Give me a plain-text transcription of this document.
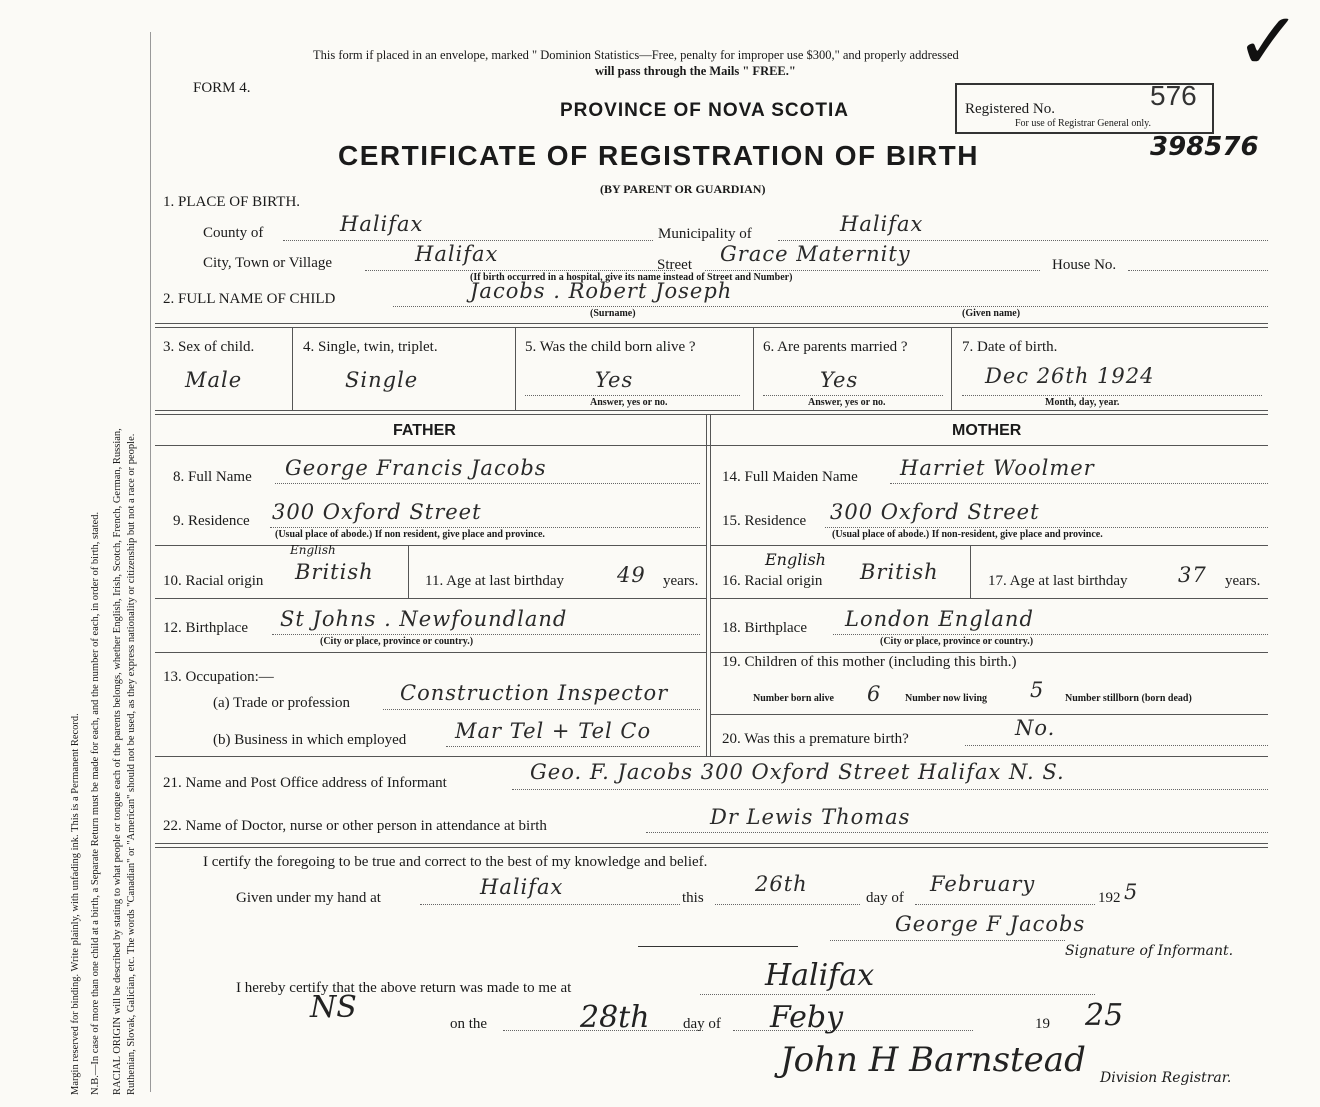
Margin reserved for binding. Write plainly, with unfading ink. This is a Permanent Record. N.B.—In case of more than one child at a birth, a Separate Return must be made for each, and the number of each, in order of birth, stated. RACIAL ORIGIN will be described by stating to what people or tongue each of the parents belongs, whether English, Irish, Scotch, French, German, Russian, Ruthenian, Slovak, Galician, etc. The words "Canadian" or "American" should not be used, as they express nationality or citizenship but not a race or people.
This form if placed in an envelope, marked " Dominion Statistics—Free, penalty for improper use $300," and properly addressed
will pass through the Mails " FREE."
FORM 4.
PROVINCE OF NOVA SCOTIA
CERTIFICATE OF REGISTRATION OF BIRTH
(BY PARENT OR GUARDIAN)
Registered No.	576
For use of Registrar General only.
398576
✓
1. PLACE OF BIRTH.
County of	Halifax	Municipality of	Halifax
City, Town or Village	Halifax	Street Grace Maternity	House No.
(If birth occurred in a hospital, give its name instead of Street and Number)
2. FULL NAME OF CHILD	Jacobs . Robert Joseph
(Surname)	(Given name)
3. Sex of child.	4. Single, twin, triplet.	5. Was the child born alive ?	6. Are parents married ?	7. Date of birth.
Male	Single	Yes	Yes	Dec 26th 1924
Answer, yes or no.	Answer, yes or no.	Month, day, year.
FATHER	MOTHER
8. Full Name George Francis Jacobs
9. Residence 300 Oxford Street
(Usual place of abode.) If non resident, give place and province.
10. Racial origin
English
British	11. Age at last birthday	49 years.
12. Birthplace St Johns . Newfoundland
(City or place, province or country.)
13. Occupation:—
(a) Trade or profession Construction Inspector
(b) Business in which employed Mar Tel + Tel Co
14. Full Maiden Name Harriet Woolmer
15. Residence 300 Oxford Street
(Usual place of abode.) If non-resident, give place and province.
16. Racial origin
English
British	17. Age at last birthday 37 years.
18. Birthplace London England
(City or place, province or country.)
19. Children of this mother (including this birth.)
Number born alive 6 Number now living 5 Number stillborn (born dead)
20. Was this a premature birth?	No.
21. Name and Post Office address of Informant	Geo. F. Jacobs 300 Oxford Street Halifax N. S.
22. Name of Doctor, nurse or other person in attendance at birth	Dr Lewis Thomas
I certify the foregoing to be true and correct to the best of my knowledge and belief.
Given under my hand at	Halifax	this
26th
day of
February
192 5
George F Jacobs
Signature of Informant.
I hereby certify that the above return was made to me at	Halifax
NS	on the	28th day of Feby	19 25
John H Barnstead Division Registrar.
